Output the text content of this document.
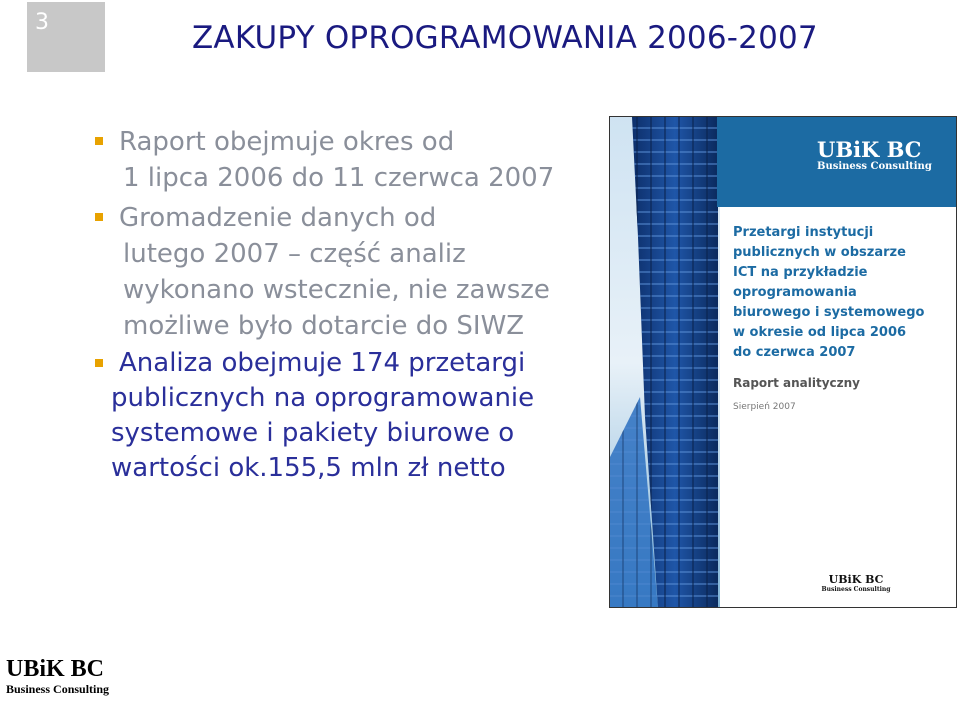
3	ZAKUPY OPROGRAMOWANIA 2006-2007
Raport obejmuje okres od
1 lipca 2006 do 11 czerwca 2007
Gromadzenie danych od
lutego 2007 – część analiz
wykonano wstecznie, nie zawsze
możliwe było dotarcie do SIWZ
Analiza obejmuje 174 przetargi
publicznych na oprogramowanie
systemowe i pakiety biurowe o
wartości ok.155,5 mln zł netto
UBiK BC
Business Consulting
Przetargi instytucji
publicznych w obszarze
ICT na przykładzie
oprogramowania
biurowego i systemowego
w okresie od lipca 2006
do czerwca 2007
Raport analityczny
Sierpień 2007
UBiK BC
Business Consulting
UBiK BC
Business Consulting
